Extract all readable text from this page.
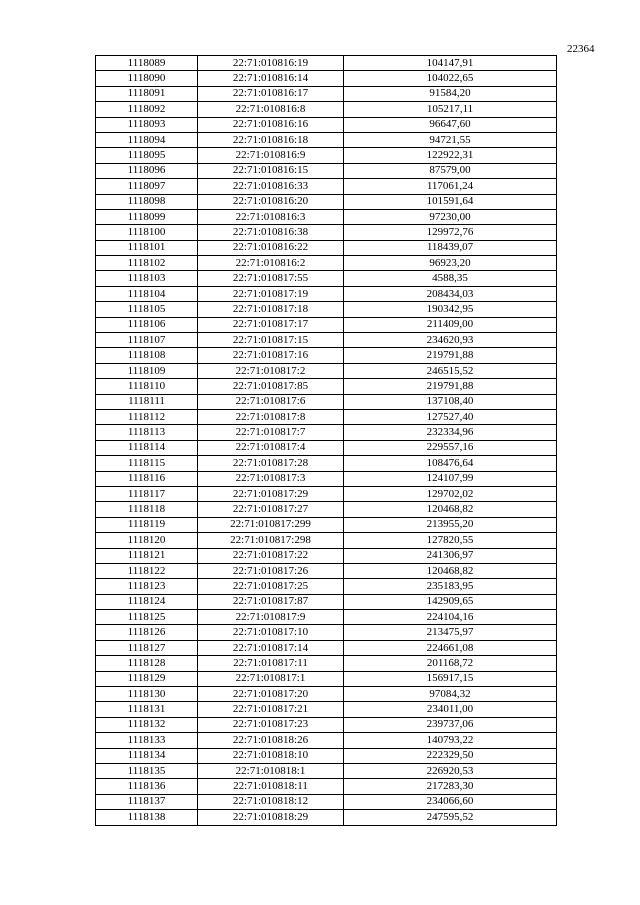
22364
1118089	22:71:010816:19	104147,91
1118090	22:71:010816:14	104022,65
1118091	22:71:010816:17	91584,20
1118092	22:71:010816:8	105217,11
1118093	22:71:010816:16	96647,60
1118094	22:71:010816:18	94721,55
1118095	22:71:010816:9	122922,31
1118096	22:71:010816:15	87579,00
1118097	22:71:010816:33	117061,24
1118098	22:71:010816:20	101591,64
1118099	22:71:010816:3	97230,00
1118100	22:71:010816:38	129972,76
1118101	22:71:010816:22	118439,07
1118102	22:71:010816:2	96923,20
1118103	22:71:010817:55	4588,35
1118104	22:71:010817:19	208434,03
1118105	22:71:010817:18	190342,95
1118106	22:71:010817:17	211409,00
1118107	22:71:010817:15	234620,93
1118108	22:71:010817:16	219791,88
1118109	22:71:010817:2	246515,52
1118110	22:71:010817:85	219791,88
1118111	22:71:010817:6	137108,40
1118112	22:71:010817:8	127527,40
1118113	22:71:010817:7	232334,96
1118114	22:71:010817:4	229557,16
1118115	22:71:010817:28	108476,64
1118116	22:71:010817:3	124107,99
1118117	22:71:010817:29	129702,02
1118118	22:71:010817:27	120468,82
1118119	22:71:010817:299	213955,20
1118120	22:71:010817:298	127820,55
1118121	22:71:010817:22	241306,97
1118122	22:71:010817:26	120468,82
1118123	22:71:010817:25	235183,95
1118124	22:71:010817:87	142909,65
1118125	22:71:010817:9	224104,16
1118126	22:71:010817:10	213475,97
1118127	22:71:010817:14	224661,08
1118128	22:71:010817:11	201168,72
1118129	22:71:010817:1	156917,15
1118130	22:71:010817:20	97084,32
1118131	22:71:010817:21	234011,00
1118132	22:71:010817:23	239737,06
1118133	22:71:010818:26	140793,22
1118134	22:71:010818:10	222329,50
1118135	22:71:010818:1	226920,53
1118136	22:71:010818:11	217283,30
1118137	22:71:010818:12	234066,60
1118138	22:71:010818:29	247595,52
